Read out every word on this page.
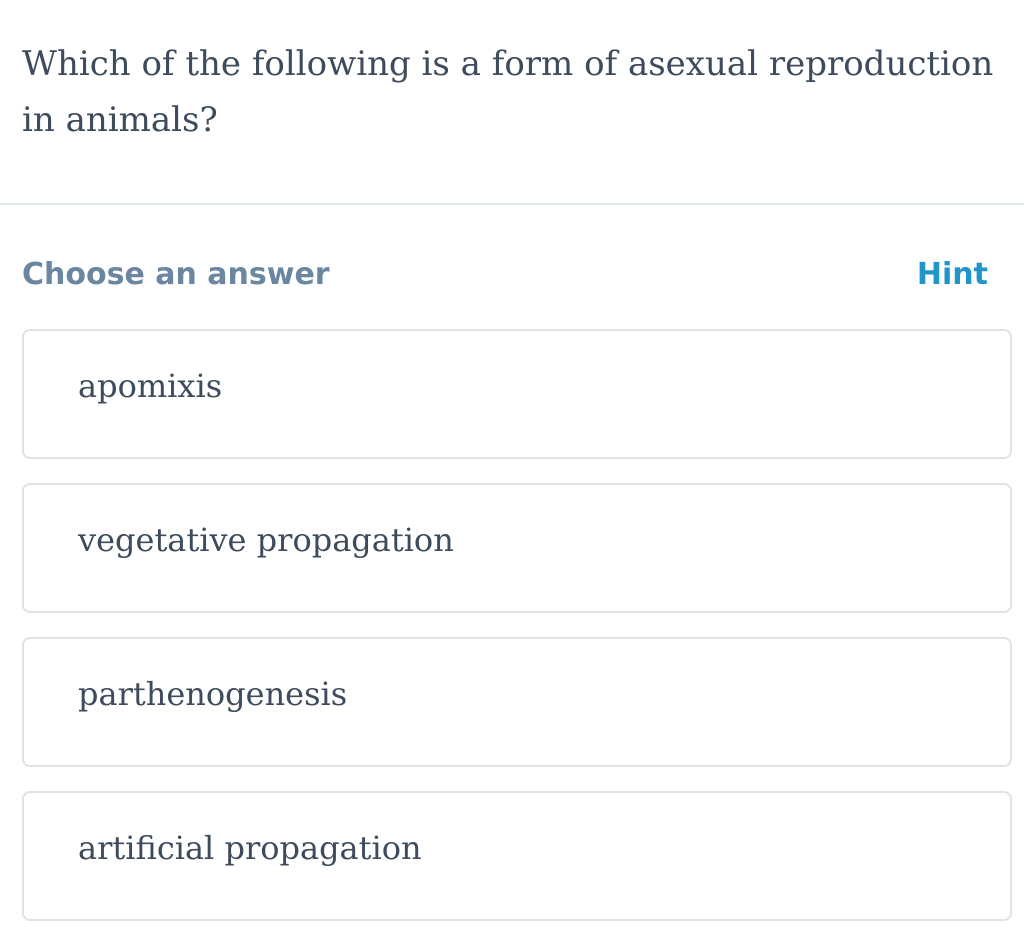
Which of the following is a form of asexual reproduction in animals?
Choose an answer	Hint
apomixis
vegetative propagation
parthenogenesis
artificial propagation
